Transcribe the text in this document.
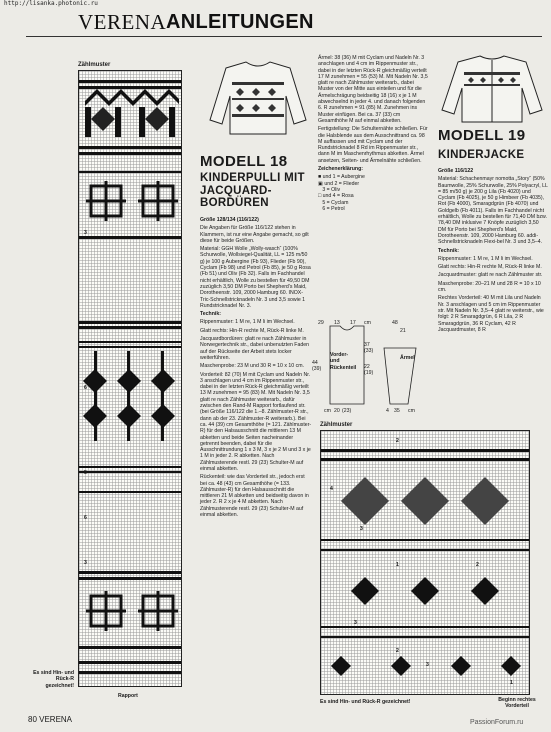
http://lisanka.photonic.ru
VERENA ANLEITUNGEN
Zählmuster
3
6
5
6
3
Es sind Hin- und Rück-R gezeichnet!
Rapport
MODELL 18
KINDERPULLI MIT JACQUARD-BORDÜREN

Größe 128/134 (116/122)

Die Angaben für Größe 116/122 stehen in Klammern, ist nur eine Angabe gemacht, so gilt diese für beide Größen.

Material: GGH Wolle „Wolly-wasch“ (100% Schurwolle, Wollsiegel-Qualität, LL = 125 m/50 g) je 100 g Aubergine (Fb 93), Flieder (Fb 90), Cyclam (Fb 98) und Petrol (Fb 85), je 50 g Rosa (Fb 51) und Oliv (Fb 32). Falls im Fachhandel nicht erhältlich, Wolle zu bestellen für 49,50 DM zuzüglich 3,50 DM Porto bei Shepherd’s Maid, Dorotheenstr. 109, 2000 Hamburg 60. INOX-Tric-Schnellstricknadeln Nr. 3 und 3,5 sowie 1 Rundstricknadel Nr. 3.

Technik:

Rippenmuster: 1 M re, 1 M li im Wechsel.

Glatt rechts: Hin-R rechte M, Rück-R linke M.

Jacquardbordüren: glatt re nach Zählmuster in Norwegertechnik str., dabei unbenutzten Faden auf der Rückseite der Arbeit stets locker weiterführen.

Maschenprobe: 23 M und 30 R = 10 x 10 cm.

Vorderteil: 82 (70) M mit Cyclam und Nadeln Nr. 3 anschlagen und 4 cm im Rippenmuster str., dabei in der letzten Rück-R gleichmäßig verteilt 13 M zunehmen = 95 (83) M. Mit Nadeln Nr. 3,5 glatt re nach Zählmuster weiterarb., dafür zwischen den Rand-M Rapport fortlaufend str. (bei Größe 116/122 die 1.–8. Zählmuster-R str., dann ab der 23. Zählmuster-R weiterarb.). Bei ca. 44 (39) cm Gesamthöhe (= 121. Zählmuster-R) für den Halsausschnitt die mittleren 13 M abketten und beide Seiten nacheinander getrennt beenden, dabei für die Ausschnittrundung 1 x 3 M, 3 x je 2 M und 3 x je 1 M in jeder 2. R abketten. Nach Zählmusterende restl. 29 (23) Schulter-M auf einmal abketten.

Rückenteil: wie das Vorderteil str., jedoch erst bei ca. 48 (43) cm Gesamthöhe (= 133. Zählmuster-R) für den Halsausschnitt die mittleren 21 M abketten und beidseitig davon in jeder 2. R 2 x je 4 M abketten. Nach Zählmusterende restl. 29 (23) Schulter-M auf einmal abketten.

Ärmel: 38 (36) M mit Cyclam und Nadeln Nr. 3 anschlagen und 4 cm im Rippenmuster str., dabei in der letzten Rück-R gleichmäßig verteilt 17 M zunehmen = 55 (53) M. Mit Nadeln Nr. 3,5 glatt re nach Zählmuster weiterarb., dabei Muster von der Mitte aus einteilen und für die Ärmelschrägung beidseitig 18 (16) x je 1 M abwechselnd in jeder 4. und danach folgenden 6. R zunehmen = 91 (85) M. Zunehmen ins Muster einfügen. Bei ca. 37 (33) cm Gesamthöhe M auf einmal abketten.

Fertigstellung: Die Schulternähte schließen. Für die Halsblende aus dem Ausschnittrand ca. 98 M auffassen und mit Cyclam und der Rundstricknadel 8 Rd im Rippenmuster str., dann M im Maschenrhythmus abketten. Ärmel ansetzen, Seiten- und Ärmelnähte schließen.

Zeichenerklärung:

■ und 1 = Aubergine
▣ und 2 = Flieder
3 = Oliv
□ und 4 = Rosa
5 = Cyclam
6 = Petrol
Vorder- und Rückenteil
Ärmel
29 13 17 cm	48
21
44
(39)
37
(33)
22
(19)
cm 20 (23)	4 35 cm
MODELL 19
KINDERJACKE

Größe 116/122

Material: Schachenmayr nomotta „Story“ (50% Baumwolle, 25% Schurwolle, 25% Polyacryl, LL = 85 m/50 g) je 200 g Lila (Fb 4020) und Cyclam (Fb 4025), je 50 g Himbeer (Fb 4035), Rot (Fb 4000), Smaragdgrün (Fb 4070) und Goldgelb (Fb 4011). Falls im Fachhandel nicht erhältlich, Wolle zu bestellen für 71,40 DM bzw. 78,40 DM inklusive 7 Knöpfe zuzüglich 3,50 DM für Porto bei Shepherd’s Maid, Dorotheenstr. 109, 2000 Hamburg 60. addi-Schnellstricknadeln Flexi-bel Nr. 3 und 3,5–4.

Technik:

Rippenmuster: 1 M re, 1 M li im Wechsel.

Glatt rechts: Hin-R rechte M, Rück-R linke M.

Jacquardmuster: glatt re nach Zählmuster str.

Maschenprobe: 20–21 M und 28 R = 10 x 10 cm.

Rechtes Vorderteil: 40 M mit Lila und Nadeln Nr. 3 anschlagen und 5 cm im Rippenmuster str. Mit Nadeln Nr. 3,5–4 glatt re weiterstr., wie folgt: 2 R Smaragdgrün, 6 R Lila, 2 R Smaragdgrün, 36 R Cyclam, 42 R Jacquardmuster, 8 R

Zählmuster
2
4
3
1	2
3
2
3
1
Es sind Hin- und Rück-R gezeichnet!	Beginn rechtes Vorderteil
80 VERENA	PassionForum.ru
